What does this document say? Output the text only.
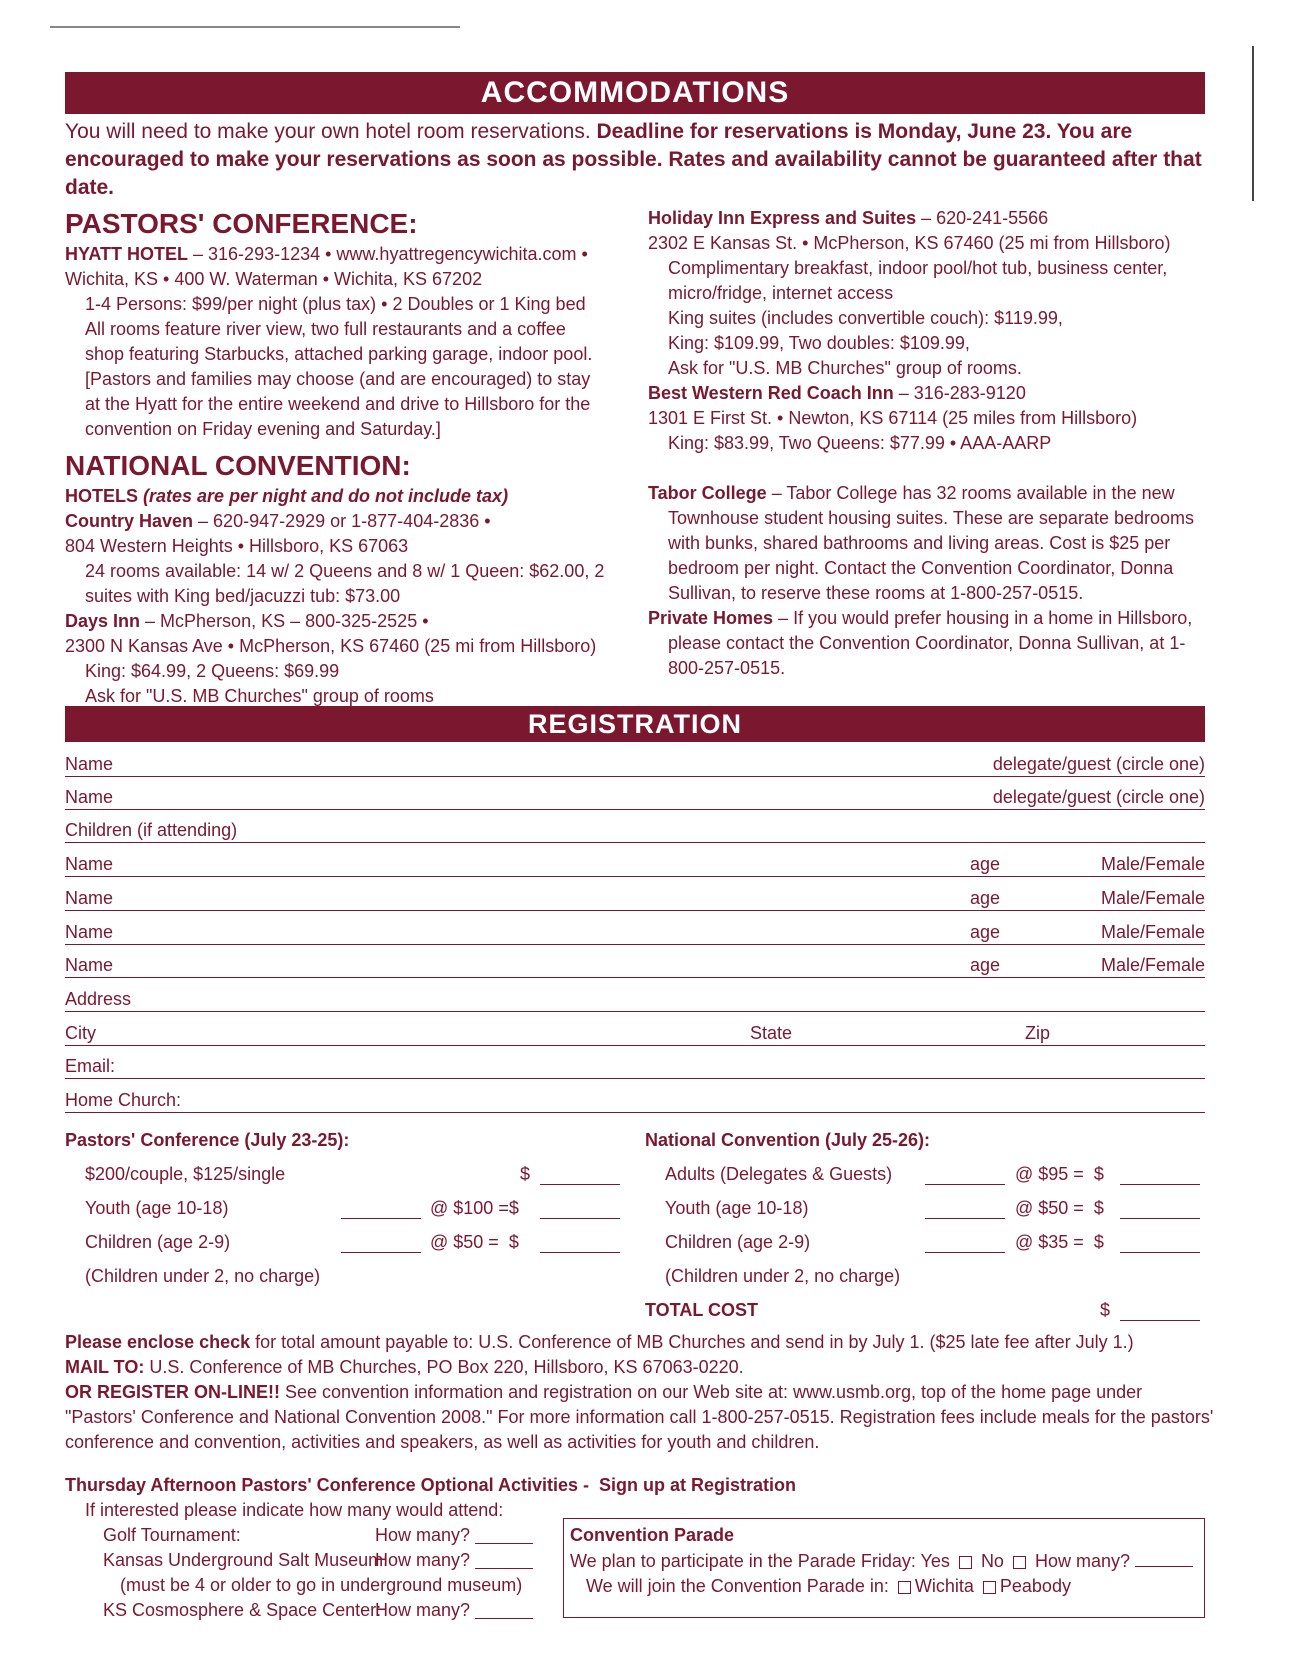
ACCOMMODATIONS
You will need to make your own hotel room reservations. Deadline for reservations is Monday, June 23. You are encouraged to make your reservations as soon as possible. Rates and availability cannot be guaranteed after that date.
PASTORS' CONFERENCE:
HYATT HOTEL – 316-293-1234 • www.hyattregencywichita.com •
Wichita, KS • 400 W. Waterman • Wichita, KS 67202
1-4 Persons: $99/per night (plus tax) • 2 Doubles or 1 King bed
All rooms feature river view, two full restaurants and a coffee shop featuring Starbucks, attached parking garage, indoor pool. [Pastors and families may choose (and are encouraged) to stay at the Hyatt for the entire weekend and drive to Hillsboro for the convention on Friday evening and Saturday.]
NATIONAL CONVENTION:
HOTELS (rates are per night and do not include tax)
Country Haven – 620-947-2929 or 1-877-404-2836 •
804 Western Heights • Hillsboro, KS 67063
24 rooms available: 14 w/ 2 Queens and 8 w/ 1 Queen: $62.00, 2 suites with King bed/jacuzzi tub: $73.00
Days Inn – McPherson, KS – 800-325-2525 •
2300 N Kansas Ave • McPherson, KS 67460 (25 mi from Hillsboro)
King: $64.99, 2 Queens: $69.99
Ask for "U.S. MB Churches" group of rooms
Holiday Inn Express and Suites – 620-241-5566
2302 E Kansas St. • McPherson, KS 67460 (25 mi from Hillsboro)
Complimentary breakfast, indoor pool/hot tub, business center, micro/fridge, internet access
King suites (includes convertible couch): $119.99,
King: $109.99, Two doubles: $109.99,
Ask for "U.S. MB Churches" group of rooms.
Best Western Red Coach Inn – 316-283-9120
1301 E First St. • Newton, KS 67114 (25 miles from Hillsboro)
King: $83.99, Two Queens: $77.99 • AAA-AARP
Tabor College – Tabor College has 32 rooms available in the new Townhouse student housing suites. These are separate bedrooms with bunks, shared bathrooms and living areas. Cost is $25 per bedroom per night. Contact the Convention Coordinator, Donna Sullivan, to reserve these rooms at 1-800-257-0515.
Private Homes – If you would prefer housing in a home in Hillsboro, please contact the Convention Coordinator, Donna Sullivan, at 1-800-257-0515.
REGISTRATION
Name	delegate/guest (circle one)
Name	delegate/guest (circle one)
Children (if attending)
Name	age	Male/Female
Name	age	Male/Female
Name	age	Male/Female
Name	age	Male/Female
Address
City	State	Zip
Email:
Home Church:
Pastors' Conference (July 23-25):
$200/couple, $125/single	$
Youth (age 10-18)	@ $100 =$
Children (age 2-9)	@ $50 =  $
(Children under 2, no charge)
National Convention (July 25-26):
Adults (Delegates & Guests)	@ $95 =  $
Youth (age 10-18)	@ $50 =  $
Children (age 2-9)	@ $35 =  $
(Children under 2, no charge)
TOTAL COST	$
Please enclose check for total amount payable to: U.S. Conference of MB Churches and send in by July 1. ($25 late fee after July 1.)
MAIL TO: U.S. Conference of MB Churches, PO Box 220, Hillsboro, KS 67063-0220.
OR REGISTER ON-LINE!! See convention information and registration on our Web site at: www.usmb.org, top of the home page under "Pastors' Conference and National Convention 2008." For more information call 1-800-257-0515. Registration fees include meals for the pastors' conference and convention, activities and speakers, as well as activities for youth and children.
Thursday Afternoon Pastors' Conference Optional Activities -  Sign up at Registration
If interested please indicate how many would attend:
Golf Tournament:	How many?
Kansas Underground Salt Museum:
How many?
(must be 4 or older to go in underground museum)
KS Cosmosphere & Space Center:
How many?
Convention Parade
We plan to participate in the Parade Friday: Yes No How many?
We will join the Convention Parade in: Wichita Peabody
